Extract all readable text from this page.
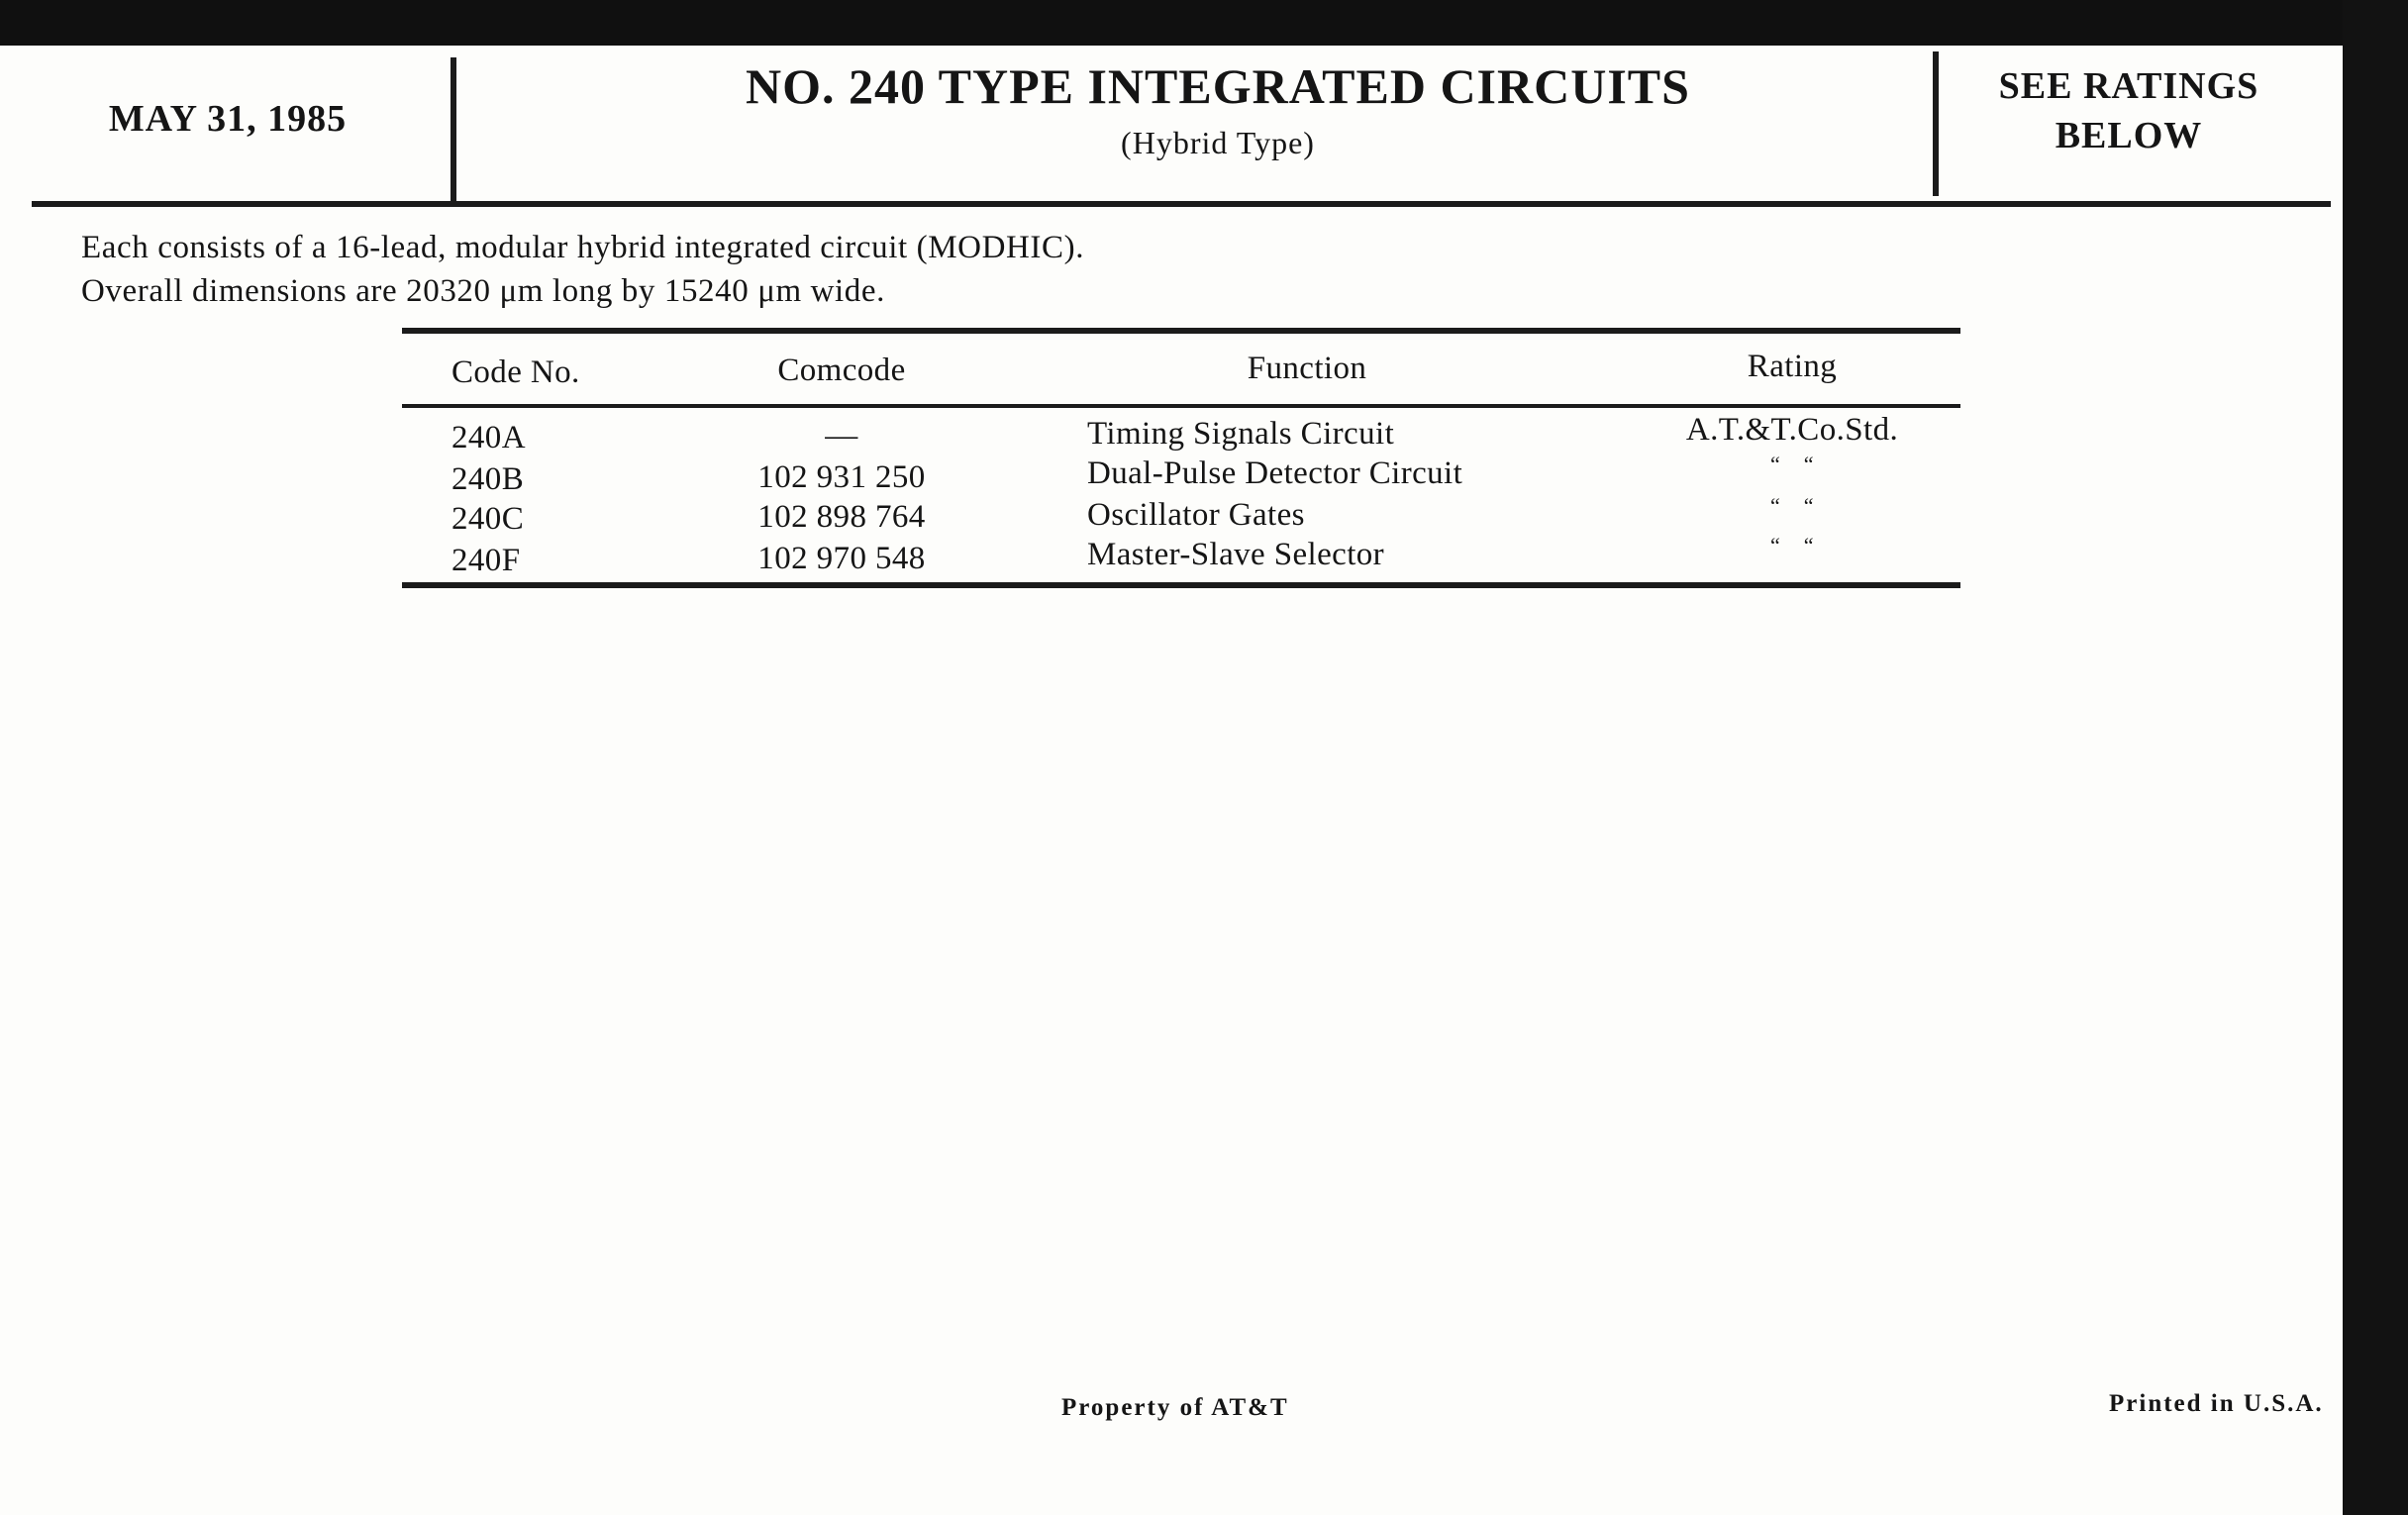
MAY 31, 1985
NO. 240 TYPE INTEGRATED CIRCUITS
(Hybrid Type)
SEE RATINGS
BELOW
Each consists of a 16-lead, modular hybrid integrated circuit (MODHIC).
Overall dimensions are 20320 μm long by 15240 μm wide.
Code No.	Comcode	Function	Rating
240A	—	Timing Signals Circuit	A.T.&T.Co.Std.
240B	102 931 250	Dual-Pulse Detector Circuit	“    “
240C	102 898 764	Oscillator Gates	“    “
240F	102 970 548	Master-Slave Selector	“    “
Property of AT&T	Printed in U.S.A.
